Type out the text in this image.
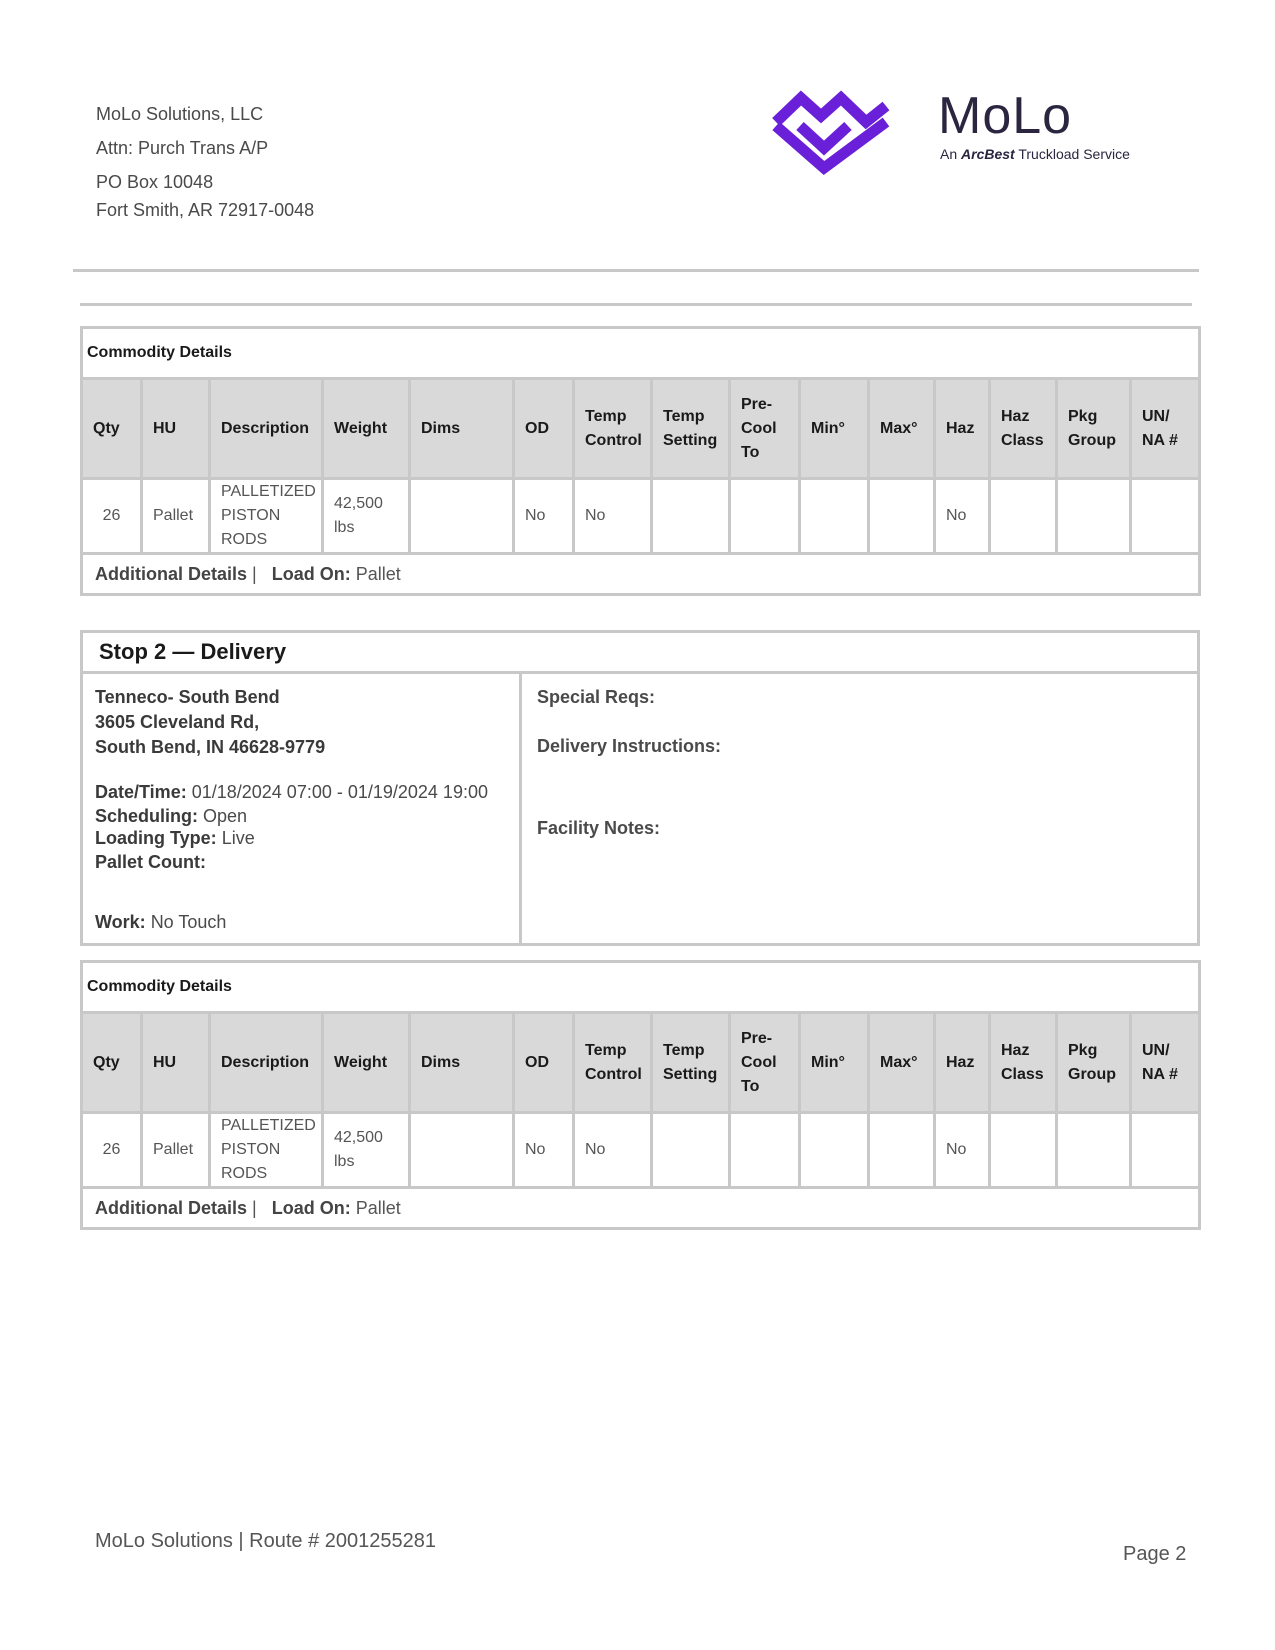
MoLo Solutions, LLC
Attn: Purch Trans A/P
PO Box 10048
Fort Smith, AR 72917-0048
MoLo
An ArcBest Truckload Service
Commodity Details														
Qty	HU	Description	Weight	Dims	OD	Temp Control	Temp Setting	Pre-Cool To	Min°	Max°	Haz	Haz Class	Pkg Group	UN/ NA #
26	Pallet	PALLETIZED PISTON RODS	42,500 lbs		No	No					No			
Additional Details |   Load On: Pallet														
Stop 2 — Delivery
Tenneco- South Bend
3605 Cleveland Rd,
South Bend, IN 46628-9779
Date/Time: 01/18/2024 07:00 - 01/19/2024 19:00
Scheduling: Open
Loading Type: Live
Pallet Count:
Work: No Touch
Special Reqs:
Delivery Instructions:
Facility Notes:
Commodity Details														
Qty	HU	Description	Weight	Dims	OD	Temp Control	Temp Setting	Pre-Cool To	Min°	Max°	Haz	Haz Class	Pkg Group	UN/ NA #
26	Pallet	PALLETIZED PISTON RODS	42,500 lbs		No	No					No			
Additional Details |   Load On: Pallet														
MoLo Solutions | Route # 2001255281
Page 2
